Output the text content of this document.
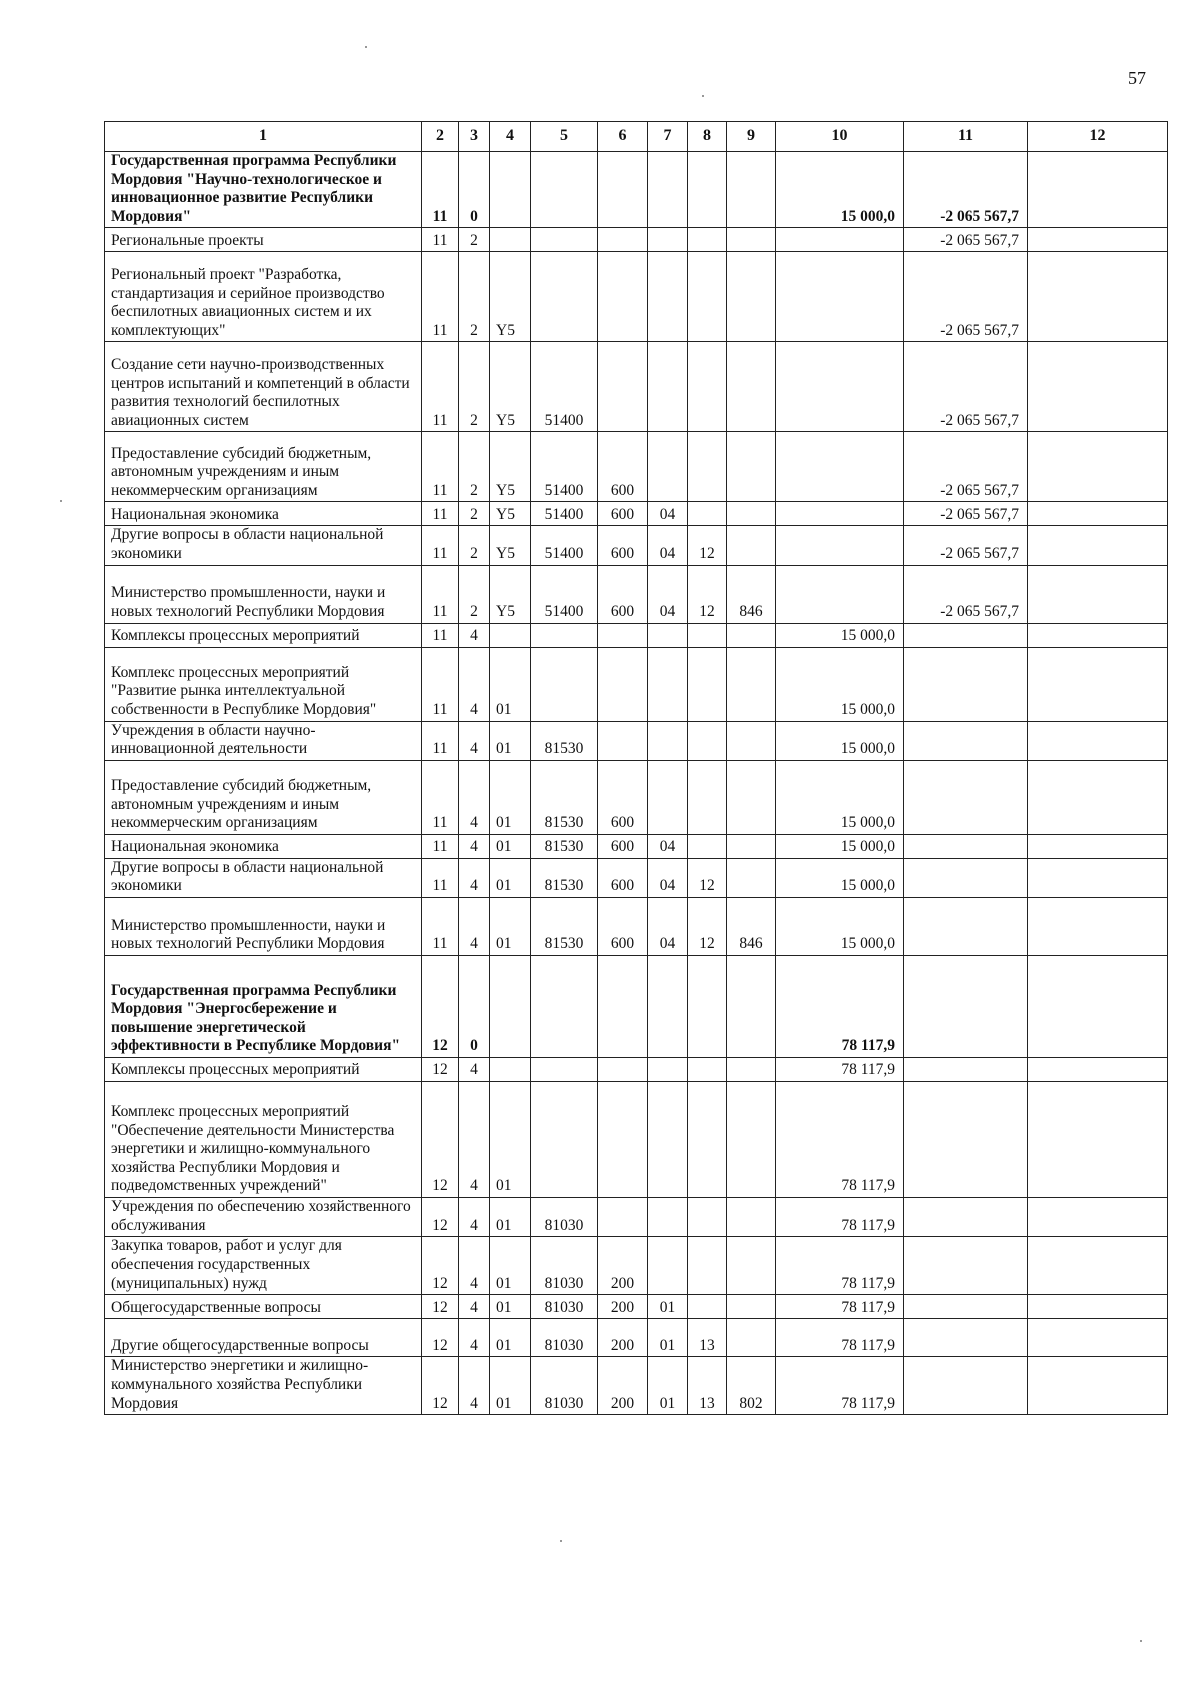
57
1	2	3	4	5	6	7	8	9	10	11	12
Государственная программа Республики Мордовия "Научно-технологическое и инновационное развитие Республики Мордовия"	11	0							15 000,0	-2 065 567,7	
Региональные проекты	11	2								-2 065 567,7	
Региональный проект "Разработка, стандартизация и серийное производство беспилотных авиационных систем и их комплектующих"	11	2	Y5							-2 065 567,7	
Создание сети научно-производственных центров испытаний и компетенций в области развития технологий беспилотных авиационных систем	11	2	Y5	51400						-2 065 567,7	
Предоставление субсидий бюджетным, автономным учреждениям и иным некоммерческим организациям	11	2	Y5	51400	600					-2 065 567,7	
Национальная экономика	11	2	Y5	51400	600	04				-2 065 567,7	
Другие вопросы в области национальной экономики	11	2	Y5	51400	600	04	12			-2 065 567,7	
Министерство промышленности, науки и новых технологий Республики Мордовия	11	2	Y5	51400	600	04	12	846		-2 065 567,7	
Комплексы процессных мероприятий	11	4							15 000,0		
Комплекс процессных мероприятий "Развитие рынка интеллектуальной собственности в Республике Мордовия"	11	4	01						15 000,0		
Учреждения в области научно-инновационной деятельности	11	4	01	81530					15 000,0		
Предоставление субсидий бюджетным, автономным учреждениям и иным некоммерческим организациям	11	4	01	81530	600				15 000,0		
Национальная экономика	11	4	01	81530	600	04			15 000,0		
Другие вопросы в области национальной экономики	11	4	01	81530	600	04	12		15 000,0		
Министерство промышленности, науки и новых технологий Республики Мордовия	11	4	01	81530	600	04	12	846	15 000,0		
Государственная программа Республики Мордовия "Энергосбережение и повышение энергетической эффективности в Республике Мордовия"	12	0							78 117,9		
Комплексы процессных мероприятий	12	4							78 117,9		
Комплекс процессных мероприятий "Обеспечение деятельности Министерства энергетики и жилищно-коммунального хозяйства Республики Мордовия и подведомственных учреждений"	12	4	01						78 117,9		
Учреждения по обеспечению хозяйственного обслуживания	12	4	01	81030					78 117,9		
Закупка товаров, работ и услуг для обеспечения государственных (муниципальных) нужд	12	4	01	81030	200				78 117,9		
Общегосударственные вопросы	12	4	01	81030	200	01			78 117,9		
Другие общегосударственные вопросы	12	4	01	81030	200	01	13		78 117,9		
Министерство энергетики и жилищно-коммунального хозяйства Республики Мордовия	12	4	01	81030	200	01	13	802	78 117,9		
